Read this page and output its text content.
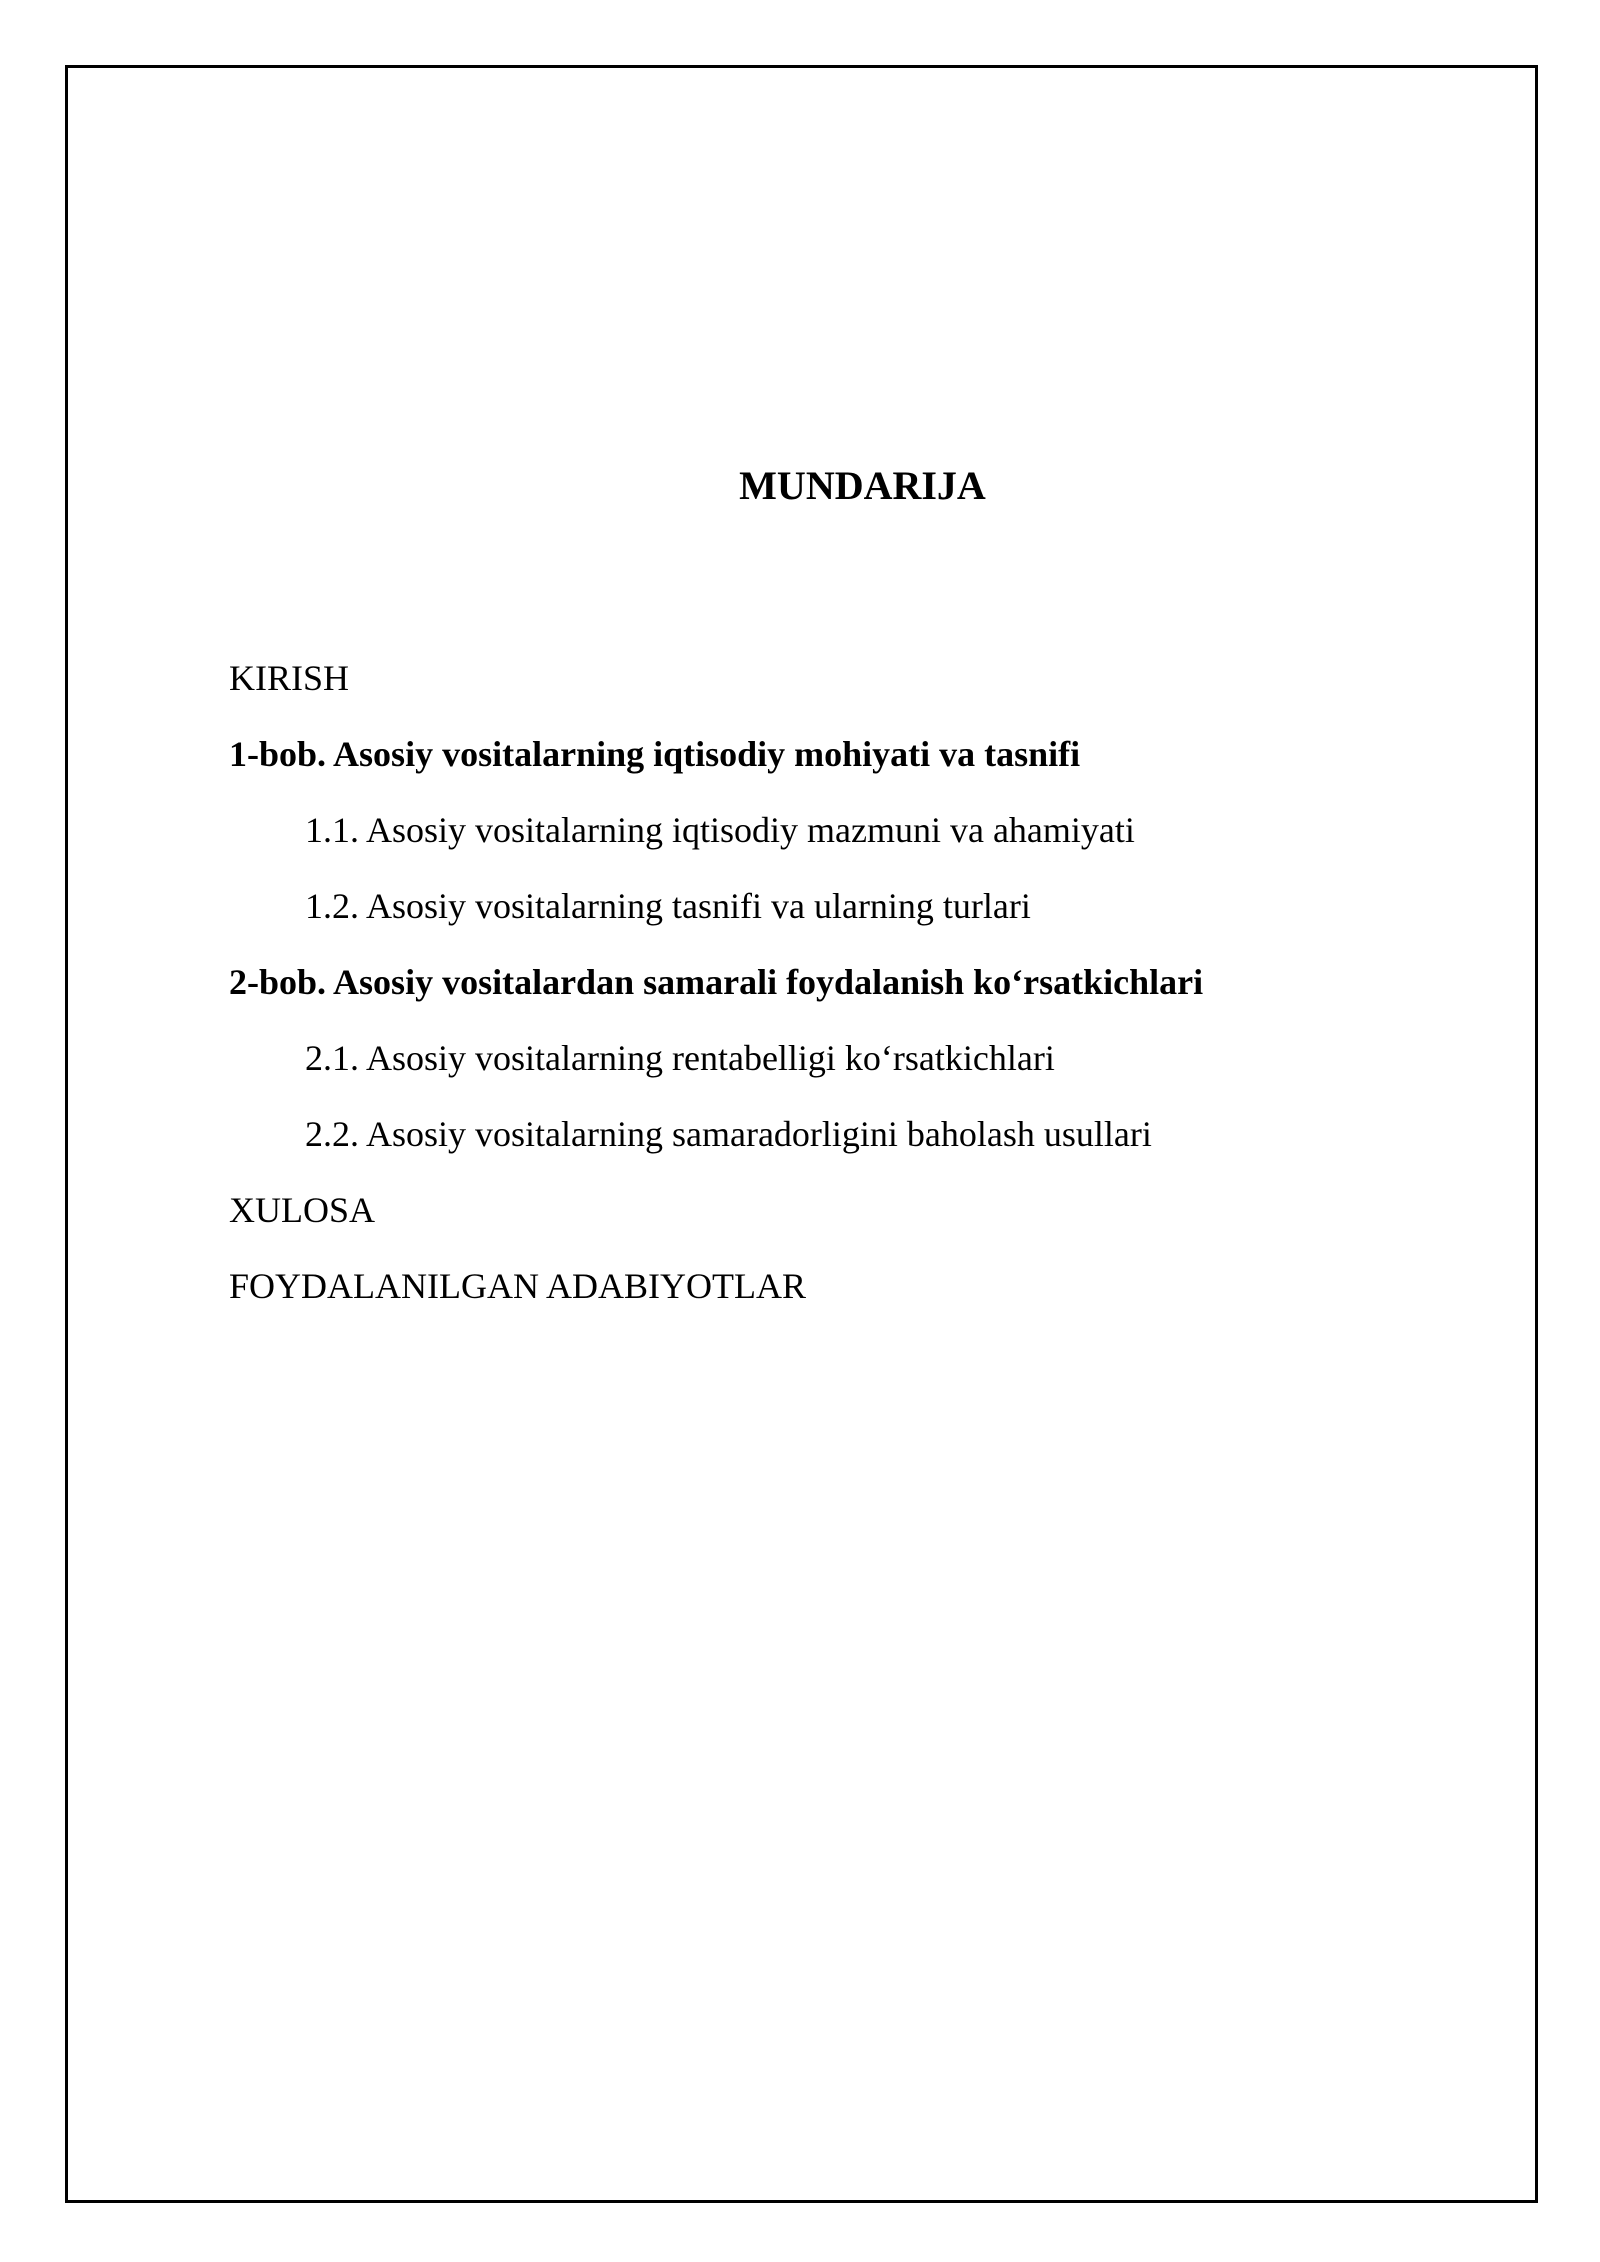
MUNDARIJA
KIRISH
1-bob. Asosiy vositalarning iqtisodiy mohiyati va tasnifi
1.1. Asosiy vositalarning iqtisodiy mazmuni va ahamiyati
1.2. Asosiy vositalarning tasnifi va ularning turlari
2-bob. Asosiy vositalardan samarali foydalanish ko‘rsatkichlari
2.1. Asosiy vositalarning rentabelligi ko‘rsatkichlari
2.2. Asosiy vositalarning samaradorligini baholash usullari
XULOSA
FOYDALANILGAN ADABIYOTLAR
